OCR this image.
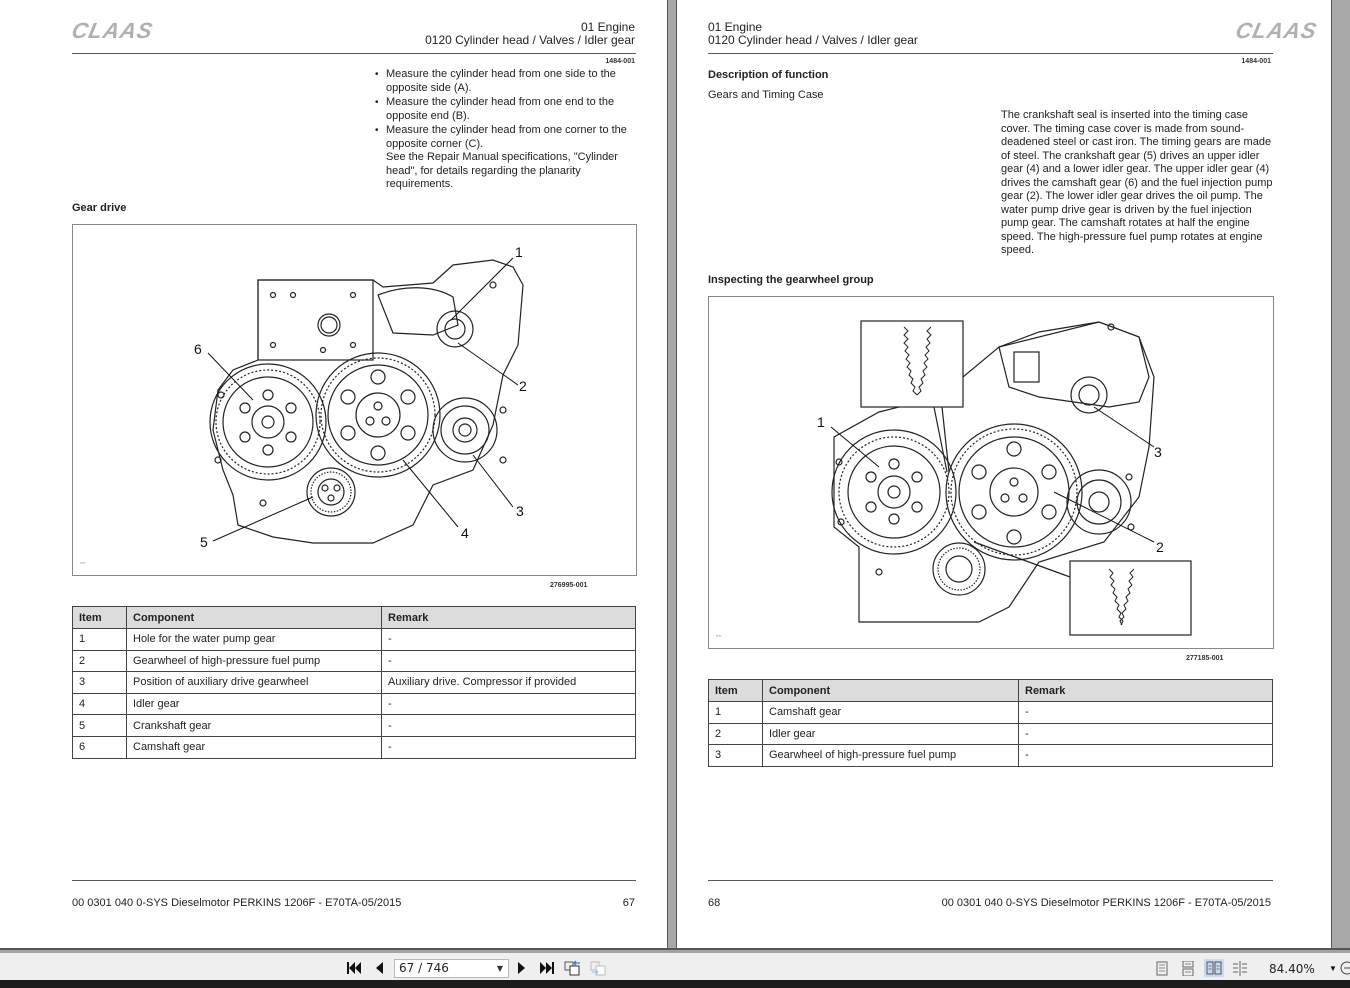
CLAAS	01 Engine
0120 Cylinder head / Valves / Idler gear
1484-001
• Measure the cylinder head from one side to the opposite side (A).
• Measure the cylinder head from one end to the opposite end (B).
• Measure the cylinder head from one corner to the opposite corner (C).
See the Repair Manual specifications, "Cylinder head", for details regarding the planarity requirements.
Gear drive
1
2
3
4
5
6
▪▪▪▪
276995-001
Item	Component	Remark
1	Hole for the water pump gear	-
2	Gearwheel of high-pressure fuel pump	-
3	Position of auxiliary drive gearwheel	Auxiliary drive. Compressor if provided
4	Idler gear	-
5	Crankshaft gear	-
6	Camshaft gear	-
00 0301 040 0-SYS Dieselmotor PERKINS 1206F - E70TA-05/2015	67
01 Engine
0120 Cylinder head / Valves / Idler gear	CLAAS
1484-001
Description of function
Gears and Timing Case
The crankshaft seal is inserted into the timing case cover. The timing case cover is made from sound-deadened steel or cast iron. The timing gears are made of steel. The crankshaft gear (5) drives an upper idler gear (4) and a lower idler gear. The upper idler gear (4) drives the camshaft gear (6) and the fuel injection pump gear (2). The lower idler gear drives the oil pump. The water pump drive gear is driven by the fuel injection pump gear. The camshaft rotates at half the engine speed. The high-pressure fuel pump rotates at engine speed.
Inspecting the gearwheel group
1
2
3
▪▪▪▪
277185-001
Item	Component	Remark
1	Camshaft gear	-
2	Idler gear	-
3	Gearwheel of high-pressure fuel pump	-
68	00 0301 040 0-SYS Dieselmotor PERKINS 1206F - E70TA-05/2015
67 / 746	▼	84.40% ▼
